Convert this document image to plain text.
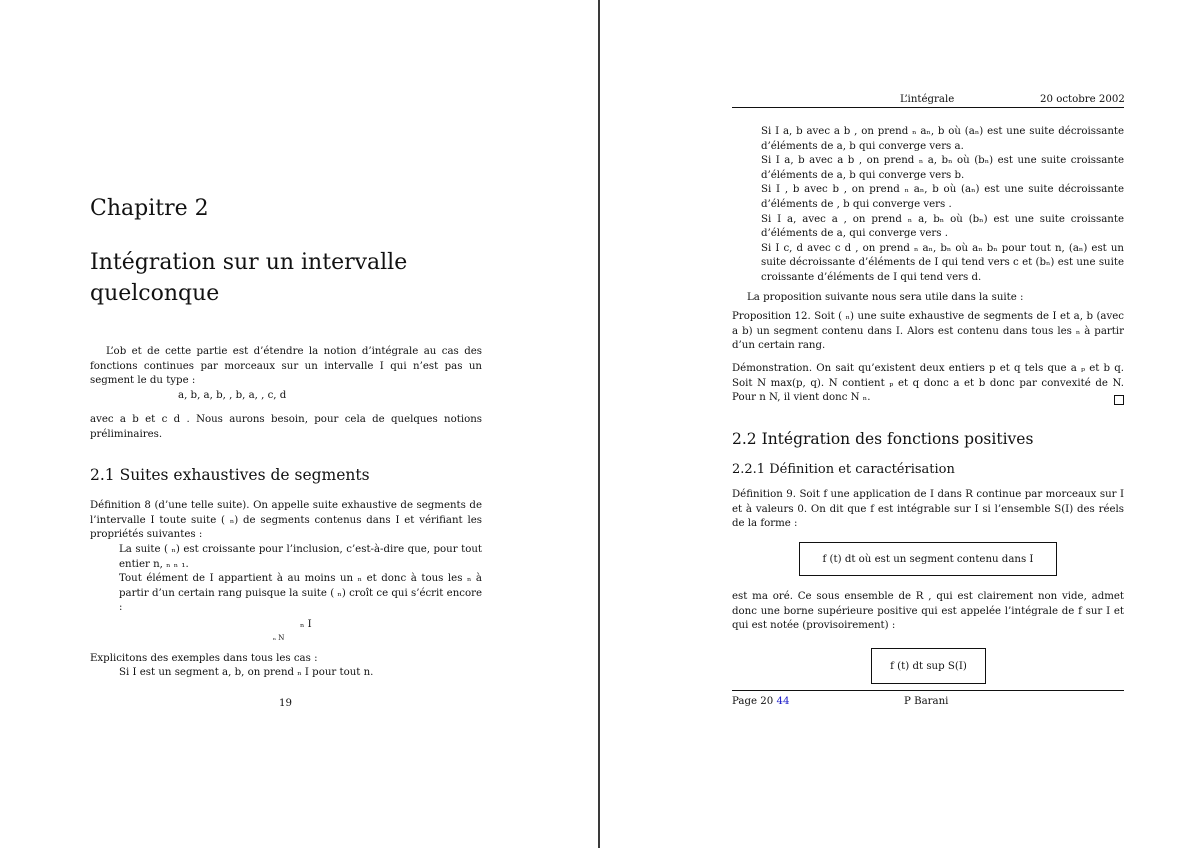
Chapitre 2
Intégration sur un intervalle quelconque

L’ob et de cette partie est d’étendre la notion d’intégrale au cas des fonctions continues par morceaux sur un intervalle I qui n’est pas un segment le du type :

a, b, a, b, , b, a, , c, d

avec a b et c d . Nous aurons besoin, pour cela de quelques notions préliminaires.

2.1 Suites exhaustives de segments

Définition 8 (d’une telle suite). On appelle suite exhaustive de segments de l’intervalle I toute suite ( ₙ) de segments contenus dans I et vérifiant les propriétés suivantes :

La suite ( ₙ) est croissante pour l’inclusion, c’est-à-dire que, pour tout entier n, ₙ ₙ ₁.

Tout élément de I appartient à au moins un ₙ et donc à tous les ₙ à partir d’un certain rang puisque la suite ( ₙ) croît ce qui s’écrit encore :

ₙ I
ₙ N
Explicitons des exemples dans tous les cas :
Si I est un segment a, b, on prend ₙ I pour tout n.
19
L’intégrale	20 octobre 2002

Si I a, b avec a b , on prend ₙ aₙ, b où (aₙ) est une suite décroissante d’éléments de a, b qui converge vers a.

Si I a, b avec a b , on prend ₙ a, bₙ où (bₙ) est une suite croissante d’éléments de a, b qui converge vers b.

Si I , b avec b , on prend ₙ aₙ, b où (aₙ) est une suite décroissante d’éléments de , b qui converge vers .

Si I a, avec a , on prend ₙ a, bₙ où (bₙ) est une suite croissante d’éléments de a, qui converge vers .

Si I c, d avec c d , on prend ₙ aₙ, bₙ où aₙ bₙ pour tout n, (aₙ) est un suite décroissante d’éléments de I qui tend vers c et (bₙ) est une suite croissante d’éléments de I qui tend vers d.

La proposition suivante nous sera utile dans la suite :

Proposition 12. Soit ( ₙ) une suite exhaustive de segments de I et a, b (avec a b) un segment contenu dans I. Alors est contenu dans tous les ₙ à partir d’un certain rang.

Démonstration. On sait qu’existent deux entiers p et q tels que a ₚ et b q. Soit N max(p, q). N contient ₚ et q donc a et b donc par convexité de N. Pour n N, il vient donc N ₙ.

2.2 Intégration des fonctions positives
2.2.1 Définition et caractérisation

Définition 9. Soit f une application de I dans R continue par morceaux sur I et à valeurs 0. On dit que f est intégrable sur I si l’ensemble S(I) des réels de la forme :

f (t) dt où est un segment contenu dans I

est ma oré. Ce sous ensemble de R , qui est clairement non vide, admet donc une borne supérieure positive qui est appelée l’intégrale de f sur I et qui est notée (provisoirement) :

f (t) dt sup S(I)
Page 20 44	P Barani
